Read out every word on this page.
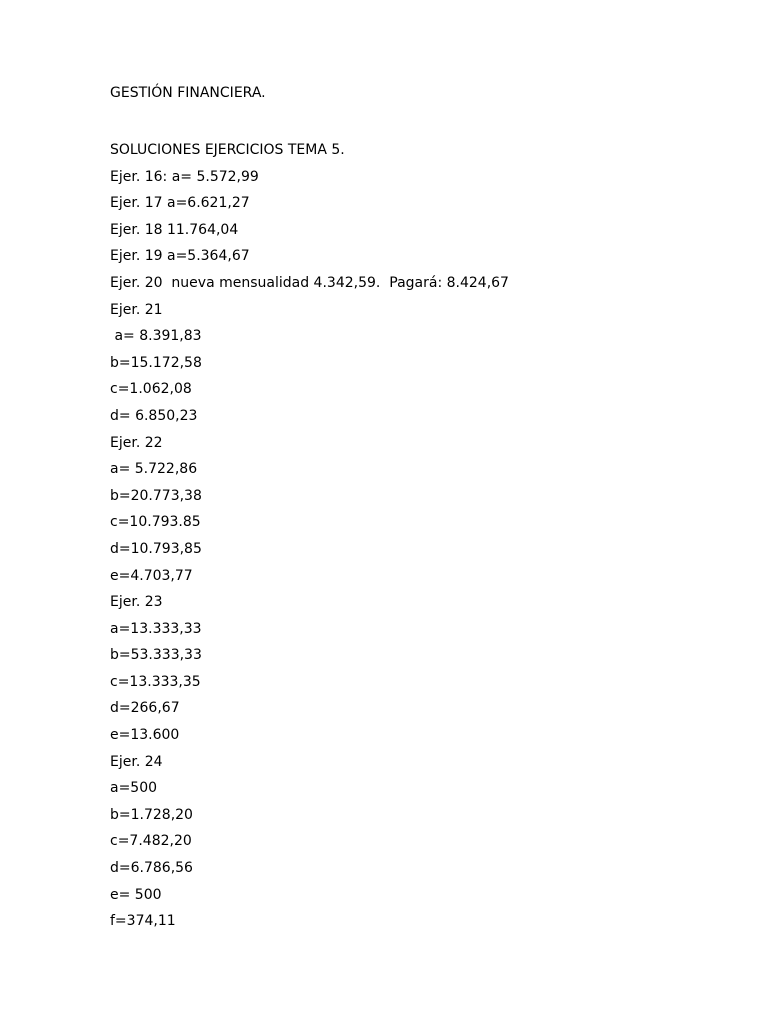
GESTIÓN FINANCIERA.
SOLUCIONES EJERCICIOS TEMA 5.
Ejer. 16: a= 5.572,99
Ejer. 17 a=6.621,27
Ejer. 18 11.764,04
Ejer. 19 a=5.364,67
Ejer. 20  nueva mensualidad 4.342,59.  Pagará: 8.424,67
Ejer. 21
a= 8.391,83
b=15.172,58
c=1.062,08
d= 6.850,23
Ejer. 22
a= 5.722,86
b=20.773,38
c=10.793.85
d=10.793,85
e=4.703,77
Ejer. 23
a=13.333,33
b=53.333,33
c=13.333,35
d=266,67
e=13.600
Ejer. 24
a=500
b=1.728,20
c=7.482,20
d=6.786,56
e= 500
f=374,11
